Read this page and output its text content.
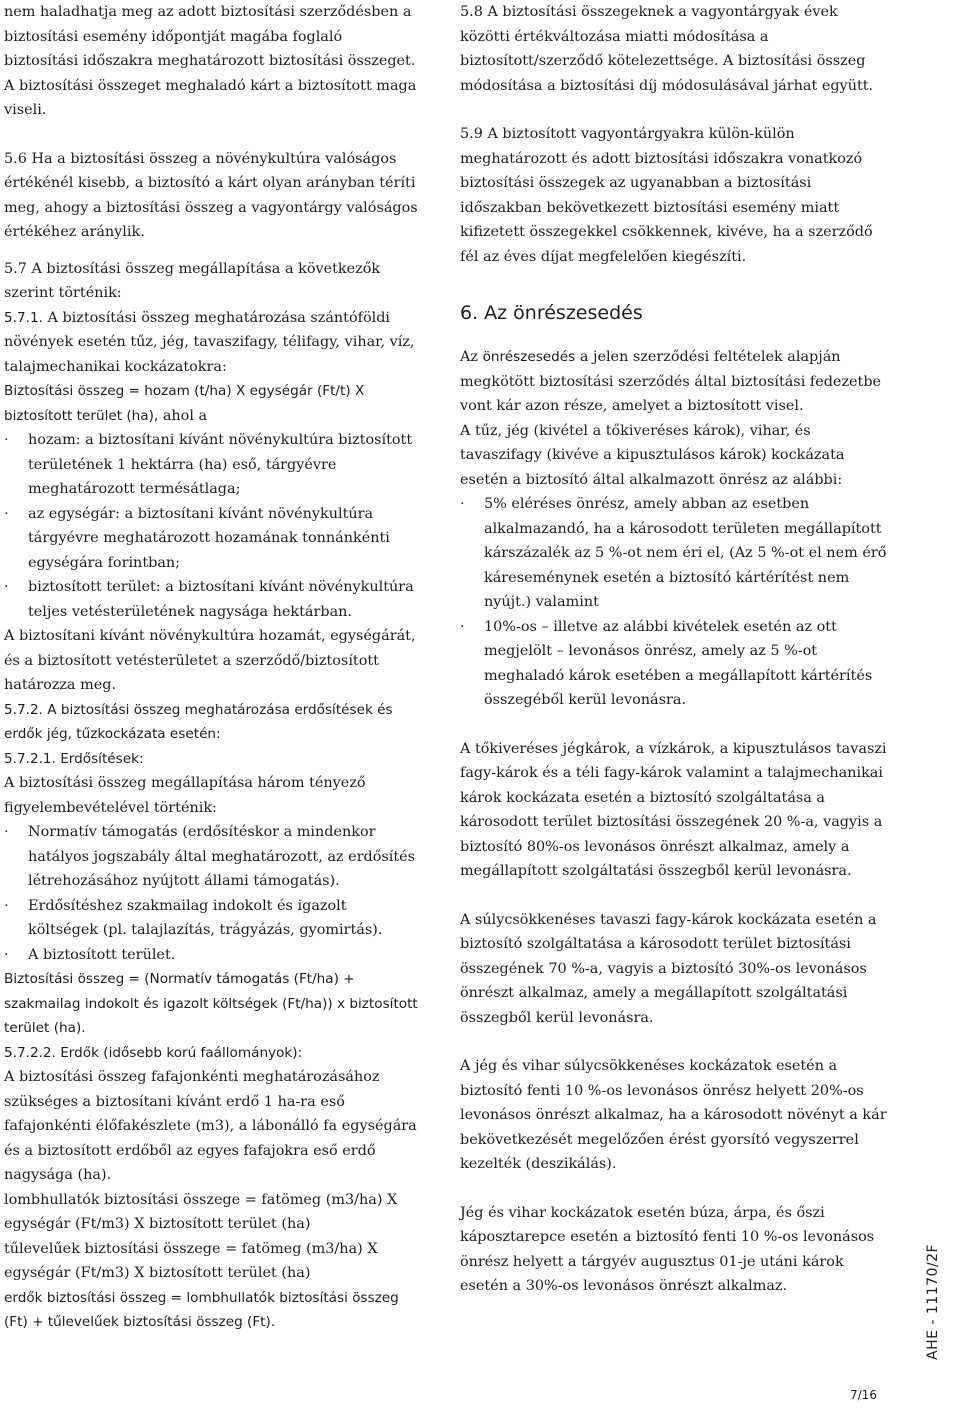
nem haladhatja meg az adott biztosítási szerződésben a biztosítási esemény időpontját magába foglaló biztosítási időszakra meghatározott biztosítási összeget. A biztosítási összeget meghaladó kárt a biztosított maga viseli.

5.6 Ha a biztosítási összeg a növénykultúra valóságos értékénél kisebb, a biztosító a kárt olyan arányban téríti meg, ahogy a biztosítási összeg a vagyontárgy valóságos értékéhez aránylik.

5.7 A biztosítási összeg megállapítása a következők szerint történik:

5.7.1. A biztosítási összeg meghatározása szántóföldi növények esetén tűz, jég, tavaszifagy, télifagy, vihar, víz, talajmechanikai kockázatokra:

Biztosítási összeg = hozam (t/ha) X egységár (Ft/t) X biztosított terület (ha), ahol a

· hozam: a biztosítani kívánt növénykultúra biztosított területének 1 hektárra (ha) eső, tárgyévre meghatározott termésátlaga;
· az egységár: a biztosítani kívánt növénykultúra tárgyévre meghatározott hozamának tonnánkénti egységára forintban;
· biztosított terület: a biztosítani kívánt növénykultúra teljes vetésterületének nagysága hektárban.

A biztosítani kívánt növénykultúra hozamát, egységárát, és a biztosított vetésterületet a szerződő/biztosított határozza meg.

5.7.2. A biztosítási összeg meghatározása erdősítések és erdők jég, tűzkockázata esetén:

5.7.2.1. Erdősítések:

A biztosítási összeg megállapítása három tényező figyelembevételével történik:

· Normatív támogatás (erdősítéskor a mindenkor hatályos jogszabály által meghatározott, az erdősítés létrehozásához nyújtott állami támogatás).
· Erdősítéshez szakmailag indokolt és igazolt költségek (pl. talajlazítás, trágyázás, gyomirtás).
· A biztosított terület.

Biztosítási összeg = (Normatív támogatás (Ft/ha) + szakmailag indokolt és igazolt költségek (Ft/ha)) x biztosított terület (ha).

5.7.2.2. Erdők (idősebb korú faállományok):

A biztosítási összeg fafajonkénti meghatározásához szükséges a biztosítani kívánt erdő 1 ha-ra eső fafajonkénti élőfakészlete (m3), a lábonálló fa egységára és a biztosított erdőből az egyes fafajokra eső erdő nagysága (ha).

lombhullatók biztosítási összege = fatömeg (m3/ha) X egységár (Ft/m3) X biztosított terület (ha)

tűlevelűek biztosítási összege = fatömeg (m3/ha) X egységár (Ft/m3) X biztosított terület (ha)

erdők biztosítási összeg = lombhullatók biztosítási összeg (Ft) + tűlevelűek biztosítási összeg (Ft).

5.8 A biztosítási összegeknek a vagyontárgyak évek közötti értékváltozása miatti módosítása a biztosított/szerződő kötelezettsége. A biztosítási összeg módosítása a biztosítási díj módosulásával járhat együtt.

5.9 A biztosított vagyontárgyakra külön-külön meghatározott és adott biztosítási időszakra vonatkozó biztosítási összegek az ugyanabban a biztosítási időszakban bekövetkezett biztosítási esemény miatt kifizetett összegekkel csökkennek, kivéve, ha a szerződő fél az éves díjat megfelelően kiegészíti.

6. Az önrészesedés

Az önrészesedés a jelen szerződési feltételek alapján megkötött biztosítási szerződés által biztosítási fedezetbe vont kár azon része, amelyet a biztosított visel.

A tűz, jég (kivétel a tőkiveréses károk), vihar, és tavaszifagy (kivéve a kipusztulásos károk) kockázata esetén a biztosító által alkalmazott önrész az alábbi:

· 5% eléréses önrész, amely abban az esetben alkalmazandó, ha a károsodott területen megállapított kárszázalék az 5 %-ot nem éri el, (Az 5 %-ot el nem érő káreseménynek esetén a biztosító kártérítést nem nyújt.) valamint
· 10%-os – illetve az alábbi kivételek esetén az ott megjelölt – levonásos önrész, amely az 5 %-ot meghaladó károk esetében a megállapított kártérítés összegéből kerül levonásra.

A tőkiveréses jégkárok, a vízkárok, a kipusztulásos tavaszi fagy-károk és a téli fagy-károk valamint a talajmechanikai károk kockázata esetén a biztosító szolgáltatása a károsodott terület biztosítási összegének 20 %-a, vagyis a biztosító 80%-os levonásos önrészt alkalmaz, amely a megállapított szolgáltatási összegből kerül levonásra.

A súlycsökkenéses tavaszi fagy-károk kockázata esetén a biztosító szolgáltatása a károsodott terület biztosítási összegének 70 %-a, vagyis a biztosító 30%-os levonásos önrészt alkalmaz, amely a megállapított szolgáltatási összegből kerül levonásra.

A jég és vihar súlycsökkenéses kockázatok esetén a biztosító fenti 10 %-os levonásos önrész helyett 20%-os levonásos önrészt alkalmaz, ha a károsodott növényt a kár bekövetkezését megelőzően érést gyorsító vegyszerrel kezelték (deszikálás).

Jég és vihar kockázatok esetén búza, árpa, és őszi káposztarepce esetén a biztosító fenti 10 %-os levonásos önrész helyett a tárgyév augusztus 01-je utáni károk esetén a 30%-os levonásos önrészt alkalmaz.	AHE - 11170/2F
7/16
